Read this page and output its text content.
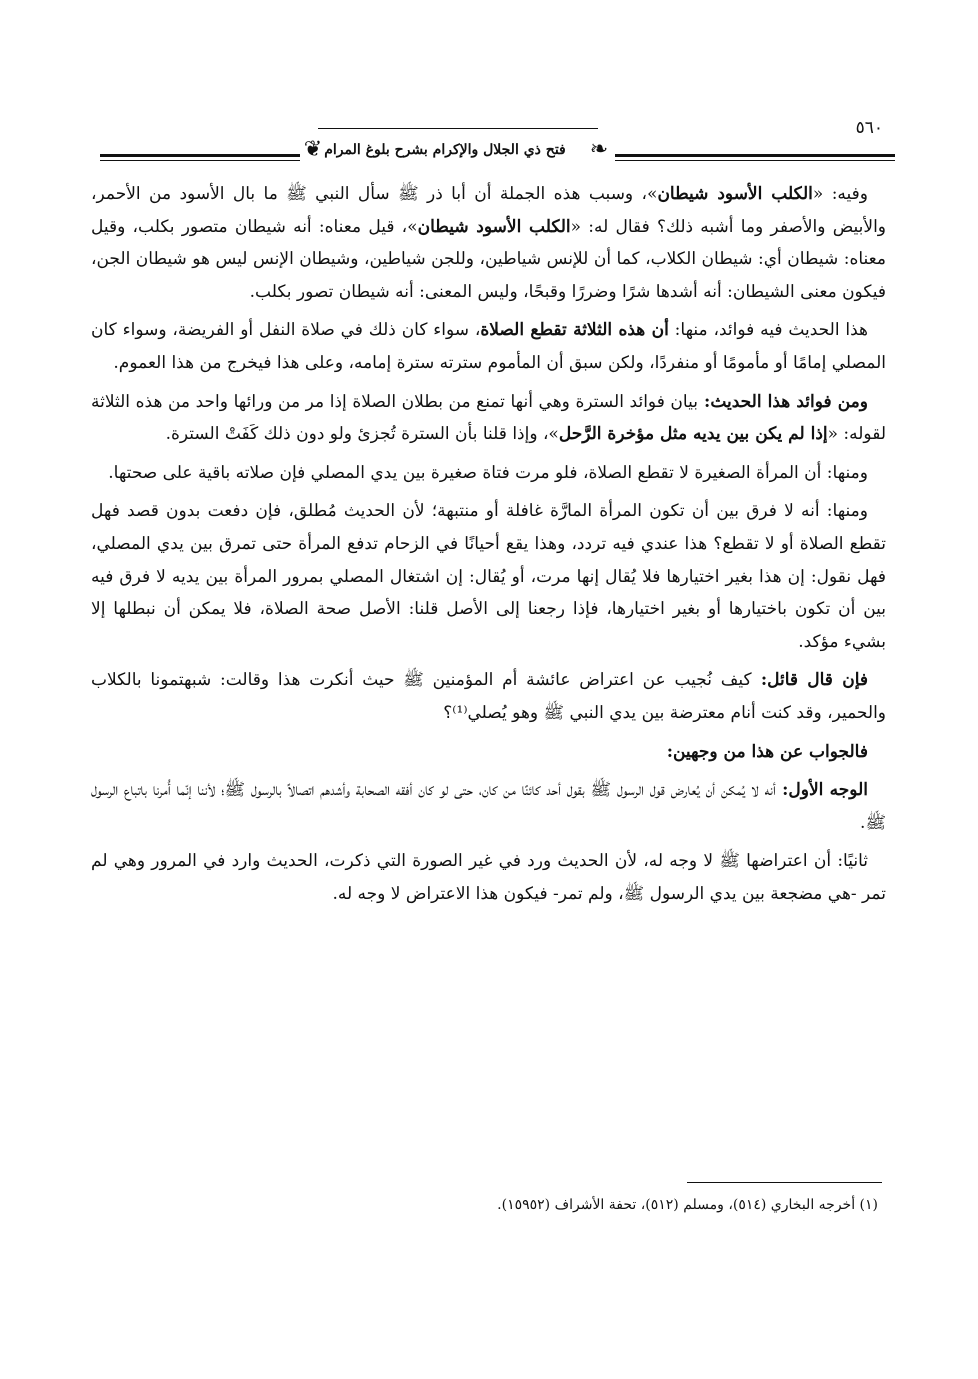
٥٦٠
❦ فتح ذي الجلال والإكرام بشرح بلوغ المرام	❧

وفيه: «الكلب الأسود شيطان»، وسبب هذه الجملة أن أبا ذر ﷺ سأل النبي ﷺ ما بال الأسود من الأحمر، والأبيض والأصفر وما أشبه ذلك؟ فقال له: «الكلب الأسود شيطان»، قيل معناه: أنه شيطان متصور بكلب، وقيل معناه: شيطان أي: شيطان الكلاب، كما أن للإنس شياطين، وللجن شياطين، وشيطان الإنس ليس هو شيطان الجن، فيكون معنى الشيطان: أنه أشدها شرًا وضررًا وقبحًا، وليس المعنى: أنه شيطان تصور بكلب.

هذا الحديث فيه فوائد، منها: أن هذه الثلاثة تقطع الصلاة، سواء كان ذلك في صلاة النفل أو الفريضة، وسواء كان المصلي إمامًا أو مأمومًا أو منفردًا، ولكن سبق أن المأموم سترته سترة إمامه، وعلى هذا فيخرج من هذا العموم.

ومن فوائد هذا الحديث: بيان فوائد السترة وهي أنها تمنع من بطلان الصلاة إذا مر من ورائها واحد من هذه الثلاثة لقوله: «إذا لم يكن بين يديه مثل مؤخرة الرَّحل»، وإذا قلنا بأن السترة تُجزئ ولو دون ذلك كَفَتْ السترة.

ومنها: أن المرأة الصغيرة لا تقطع الصلاة، فلو مرت فتاة صغيرة بين يدي المصلي فإن صلاته باقية على صحتها.

ومنها: أنه لا فرق بين أن تكون المرأة المارَّة غافلة أو منتبهة؛ لأن الحديث مُطلق، فإن دفعت بدون قصد فهل تقطع الصلاة أو لا تقطع؟ هذا عندي فيه تردد، وهذا يقع أحيانًا في الزحام تدفع المرأة حتى تمرق بين يدي المصلي، فهل نقول: إن هذا بغير اختيارها فلا يُقال إنها مرت، أو يُقال: إن اشتغال المصلي بمرور المرأة بين يديه لا فرق فيه بين أن تكون باختيارها أو بغير اختيارها، فإذا رجعنا إلى الأصل قلنا: الأصل صحة الصلاة، فلا يمكن أن نبطلها إلا بشيء مؤكد.

فإن قال قائل: كيف نُجيب عن اعتراض عائشة أم المؤمنين ﷺ حيث أنكرت هذا وقالت: شبهتمونا بالكلاب والحمير، وقد كنت أنام معترضة بين يدي النبي ﷺ وهو يُصلي⁽¹⁾؟

فالجواب عن هذا من وجهين:

الوجه الأول: أنه لا يُمكن أن يُعارض قول الرسول ﷺ بقول أحد كائنًا من كان، حتى لو كان أفقه الصحابة وأشدهم اتصالاً بالرسول ﷺ؛ لأننا إنّما أُمرنا باتباع الرسول ﷺ.

ثانيًا: أن اعتراضها ﷺ لا وجه له، لأن الحديث ورد في غير الصورة التي ذكرت، الحديث وارد في المرور وهي لم تمر -هي مضجعة بين يدي الرسول ﷺ، ولم تمر- فيكون هذا الاعتراض لا وجه له.

(١) أخرجه البخاري (٥١٤)، ومسلم (٥١٢)، تحفة الأشراف (١٥٩٥٢).
